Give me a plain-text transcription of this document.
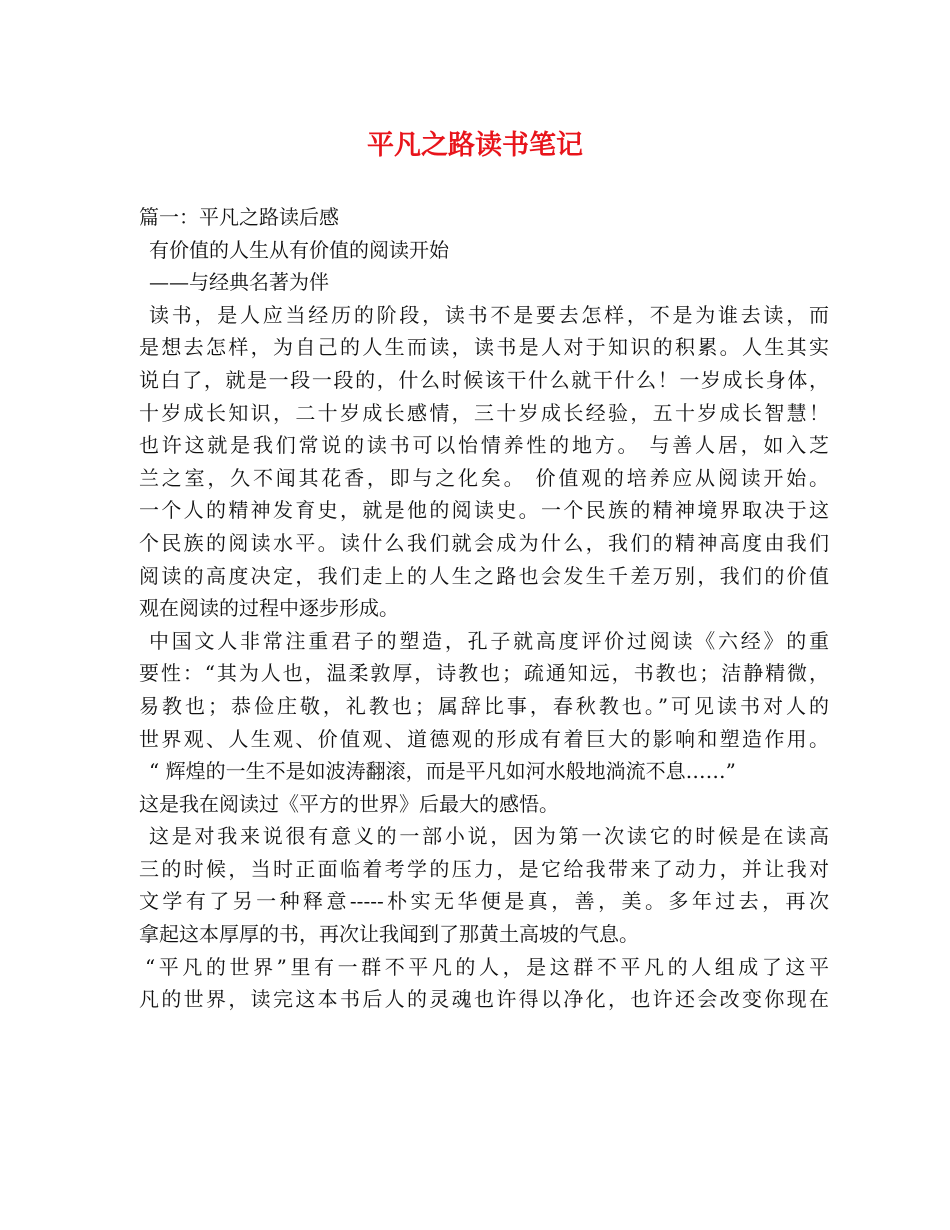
平凡之路读书笔记
篇一：平凡之路读后感
有价值的人生从有价值的阅读开始
——与经典名著为伴
读书，是人应当经历的阶段，读书不是要去怎样，不是为谁去读，而
是想去怎样，为自己的人生而读，读书是人对于知识的积累。人生其实
说白了，就是一段一段的，什么时候该干什么就干什么！一岁成长身体，
十岁成长知识，二十岁成长感情，三十岁成长经验，五十岁成长智慧！
也许这就是我们常说的读书可以怡情养性的地方。 与善人居，如入芝
兰之室，久不闻其花香，即与之化矣。 价值观的培养应从阅读开始。
一个人的精神发育史，就是他的阅读史。一个民族的精神境界取决于这
个民族的阅读水平。读什么我们就会成为什么，我们的精神高度由我们
阅读的高度决定，我们走上的人生之路也会发生千差万别，我们的价值
观在阅读的过程中逐步形成。
中国文人非常注重君子的塑造，孔子就高度评价过阅读《六经》的重
要性：“其为人也，温柔敦厚，诗教也；疏通知远，书教也；洁静精微，
易教也；恭俭庄敬，礼教也；属辞比事，春秋教也。”可见读书对人的
世界观、人生观、价值观、道德观的形成有着巨大的影响和塑造作用。
“ 辉煌的一生不是如波涛翻滚，而是平凡如河水般地淌流不息……”
这是我在阅读过《平方的世界》后最大的感悟。
这是对我来说很有意义的一部小说，因为第一次读它的时候是在读高
三的时候，当时正面临着考学的压力，是它给我带来了动力，并让我对
文学有了另一种释意-----朴实无华便是真，善，美。多年过去，再次
拿起这本厚厚的书，再次让我闻到了那黄土高坡的气息。
“平凡的世界”里有一群不平凡的人，是这群不平凡的人组成了这平
凡的世界，读完这本书后人的灵魂也许得以净化，也许还会改变你现在
